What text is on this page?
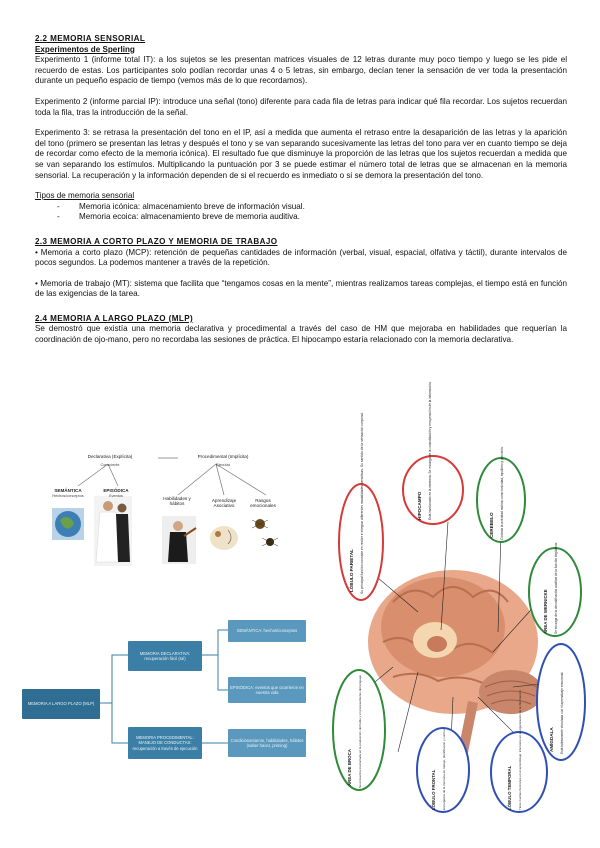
2.2 MEMORIA SENSORIAL

Experimentos de Sperling

Experimento 1 (informe total IT): a los sujetos se les presentan matrices visuales de 12 letras durante muy poco tiempo y luego se les pide el recuerdo de estas. Los participantes solo podían recordar unas 4 o 5 letras, sin embargo, decían tener la sensación de ver toda la presentación durante un pequeño espacio de tiempo (vemos más de lo que recordamos).

Experimento 2 (informe parcial IP): introduce una señal (tono) diferente para cada fila de letras para indicar qué fila recordar. Los sujetos recuerdan toda la fila, tras la introducción de la señal.

Experimento 3: se retrasa la presentación del tono en el IP, así a medida que aumenta el retraso entre la desaparición de las letras y la aparición del tono (primero se presentan las letras y después el tono y se van separando sucesivamente las letras del tono para ver en cuanto tiempo se deja de recordar como efecto de la memoria icónica). El resultado fue que disminuye la proporción de las letras que los sujetos recuerdan a medida que se van separando los estímulos. Multiplicando la puntuación por 3 se puede estimar el número total de letras que se almacenan en la memoria sensorial. La recuperación y la información dependen de si el recuerdo es inmediato o si se demora la presentación del tono.

Tipos de memoria sensorial

- Memoria icónica: almacenamiento breve de información visual.
- Memoria ecoica: almacenamiento breve de memoria auditiva.

2.3 MEMORIA A CORTO PLAZO Y MEMORIA DE TRABAJO

• Memoria a corto plazo (MCP): retención de pequeñas cantidades de información (verbal, visual, espacial, olfativa y táctil), durante intervalos de pocos segundos. La podemos mantener a través de la repetición.

• Memoria de trabajo (MT): sistema que facilita que “tengamos cosas en la mente”, mientras realizamos tareas complejas, el tiempo está en función de las exigencias de la tarea.

2.4 MEMORIA A LARGO PLAZO (MLP)

Se demostró que existía una memoria declarativa y procedimental a través del caso de HM que mejoraba en habilidades que requerían la coordinación de ojo-mano, pero no recordaba las sesiones de práctica. El hipocampo estaría relacionado con la memoria declarativa.

Declarativa (Explícita)
Consciente
Procedimental (Implícita)
Ejecutar
SEMÁNTICA
Hechos/conceptos
EPISÓDICA
Eventos	Habilidades y hábitos
Aprendizaje Asociativo
Rasgos emocionales
MEMORIA A LARGO PLAZO (MLP)
MEMORIA DECLARATIVA: recuperación fácil (sé)
MEMORIA PROCEDIMENTAL: MANEJO DE CONDUCTAS: recuperación a través de ejecución
SEMÁNTICA: hechos/conceptos
EPISÓDICA: eventos que ocurrieron en nuestra vida
Condicionamiento, habilidades, hábitos (saber hacer, priming)
LÓBULO PARIETAL Su principal función consiste en recibir e integrar diferentes modalidades sensitivas. Su sentido de la sensación corporal.	HIPOCAMPO Está involucrado en la memoria. Se encarga de la consolidación y recuperación de la información.
CEREBELO Controla la actividad motora como tonicidad, equilibrio y precisión.
ÁREA DE WERNICKE Se encarga de la decodificación auditiva de la función lingüística.
AMÍGDALA Está íntimamente vinculada con el aprendizaje emocional.
LÓBULO TEMPORAL Tiene muchas funciones en el aprendizaje: interviene en la organización de la información.
LÓBULO FRONTAL Encargados de la memoria de trabajo, planificación y control.
ÁREA DE BROCA Se encuentra involucrada en la producción del habla y el procesamiento del lenguaje.
